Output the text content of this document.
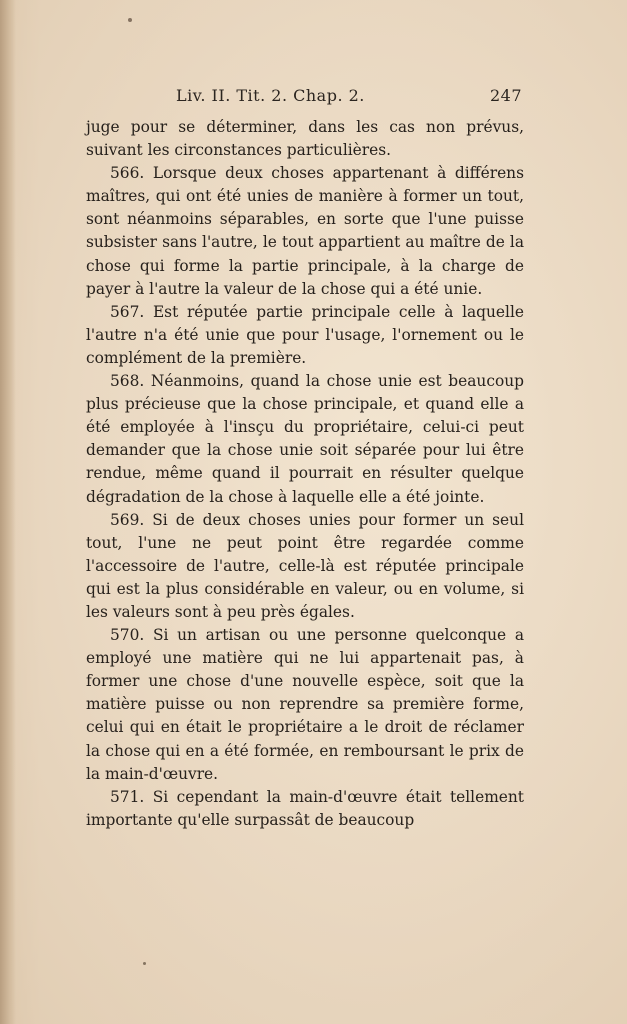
Liv. II. Tit. 2. Chap. 2.	247

juge pour se déterminer, dans les cas non prévus, suivant les circonstances particulières.

566. Lorsque deux choses appartenant à différens maîtres, qui ont été unies de manière à former un tout, sont néanmoins séparables, en sorte que l'une puisse subsister sans l'autre, le tout appartient au maître de la chose qui forme la partie principale, à la charge de payer à l'autre la valeur de la chose qui a été unie.

567. Est réputée partie principale celle à laquelle l'autre n'a été unie que pour l'usage, l'ornement ou le complément de la première.

568. Néanmoins, quand la chose unie est beaucoup plus précieuse que la chose principale, et quand elle a été employée à l'insçu du propriétaire, celui-ci peut demander que la chose unie soit séparée pour lui être rendue, même quand il pourrait en résulter quelque dégradation de la chose à laquelle elle a été jointe.

569. Si de deux choses unies pour former un seul tout, l'une ne peut point être regardée comme l'accessoire de l'autre, celle-là est réputée principale qui est la plus considérable en valeur, ou en volume, si les valeurs sont à peu près égales.

570. Si un artisan ou une personne quelconque a employé une matière qui ne lui appartenait pas, à former une chose d'une nouvelle espèce, soit que la matière puisse ou non reprendre sa première forme, celui qui en était le propriétaire a le droit de réclamer la chose qui en a été formée, en remboursant le prix de la main-d'œuvre.

571. Si cependant la main-d'œuvre était tellement importante qu'elle surpassât de beaucoup
